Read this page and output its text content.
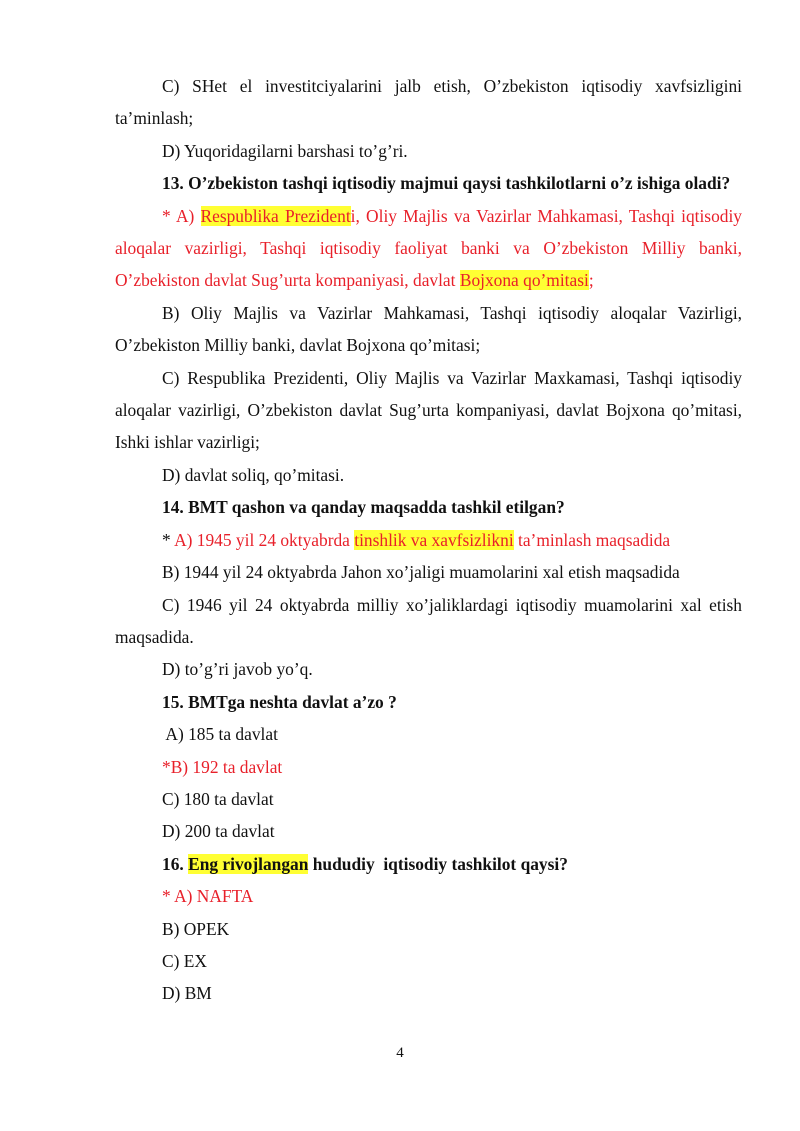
C) SHet el investitciyalarini jalb etish, O’zbekiston iqtisodiy xavfsizligini ta’minlash;

D) Yuqoridagilarni barshasi to’g’ri.

13. O’zbekiston tashqi iqtisodiy majmui qaysi tashkilotlarni o’z ishiga oladi?

* A) Respublika Prezidenti, Oliy Majlis va Vazirlar Mahkamasi, Tashqi iqtisodiy aloqalar vazirligi, Tashqi iqtisodiy faoliyat banki va O’zbekiston Milliy banki, O’zbekiston davlat Sug’urta kompaniyasi, davlat Bojxona qo’mitasi;

B) Oliy Majlis va Vazirlar Mahkamasi, Tashqi iqtisodiy aloqalar Vazirligi, O’zbekiston Milliy banki, davlat Bojxona qo’mitasi;

C) Respublika Prezidenti, Oliy Majlis va Vazirlar Maxkamasi, Tashqi iqtisodiy aloqalar vazirligi, O’zbekiston davlat Sug’urta kompaniyasi, davlat Bojxona qo’mitasi, Ishki ishlar vazirligi;

D) davlat soliq, qo’mitasi.

14. BMT qashon va qanday maqsadda tashkil etilgan?

* A) 1945 yil 24 oktyabrda tinshlik va xavfsizlikni ta’minlash maqsadida

B) 1944 yil 24 oktyabrda Jahon xo’jaligi muamolarini xal etish maqsadida

C) 1946 yil 24 oktyabrda milliy xo’jaliklardagi iqtisodiy muamolarini xal etish maqsadida.

D) to’g’ri javob yo’q.

15. BMTga neshta davlat a’zo ?

A) 185 ta davlat

*B) 192 ta davlat

C) 180 ta davlat

D) 200 ta davlat

16. Eng rivojlangan hududiy  iqtisodiy tashkilot qaysi?

* A) NAFTA

B) OPEK

C) EX

D) BM

4
